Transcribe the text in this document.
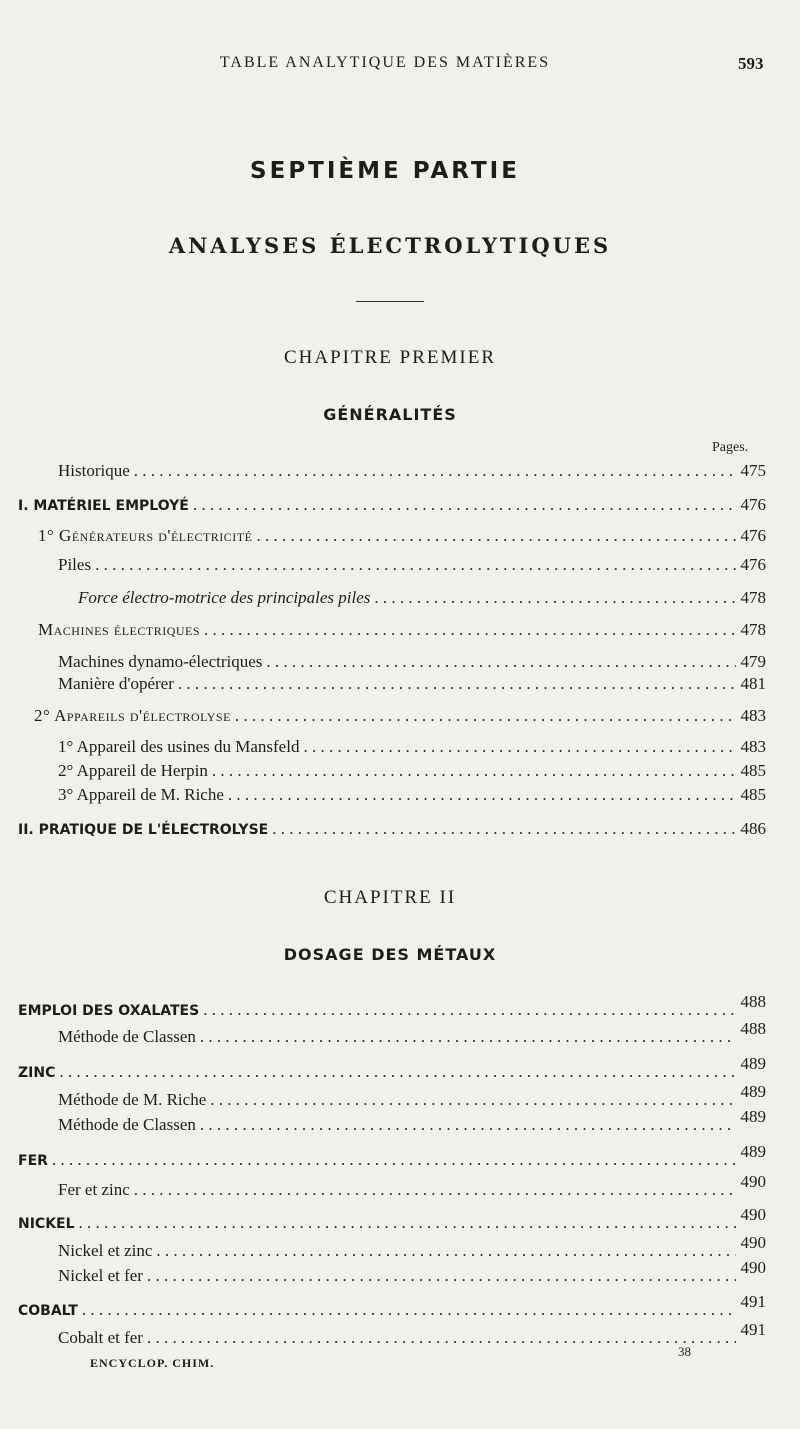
TABLE ANALYTIQUE DES MATIÈRES	593
SEPTIÈME PARTIE
ANALYSES ÉLECTROLYTIQUES
CHAPITRE PREMIER
GÉNÉRALITÉS
Pages.
Historique . . .	475
I. MATÉRIEL EMPLOYÉ . . .	476
1° Générateurs d'électricité . . .	476
Piles . . .	476
Force électro-motrice des principales piles . . .	478
Machines électriques . . .	478
Machines dynamo-électriques . . .	479
Manière d'opérer . . .	481
2° Appareils d'électrolyse . . .	483
1° Appareil des usines du Mansfeld . . .	483
2° Appareil de Herpin . . .	485
3° Appareil de M. Riche . . .	485
II. PRATIQUE DE L'ÉLECTROLYSE . . .	486
CHAPITRE II
DOSAGE DES MÉTAUX
EMPLOI DES OXALATES . . .	488
Méthode de Classen . . .	488
ZINC . . .	489
Méthode de M. Riche . . .	489
Méthode de Classen . . .	489
FER . . .	489
Fer et zinc . . .	490
NICKEL . . .	490
Nickel et zinc . . .	490
Nickel et fer . . .	490
COBALT . . .	491
Cobalt et fer . . .	491
ENCYCLOP. CHIM.
38
